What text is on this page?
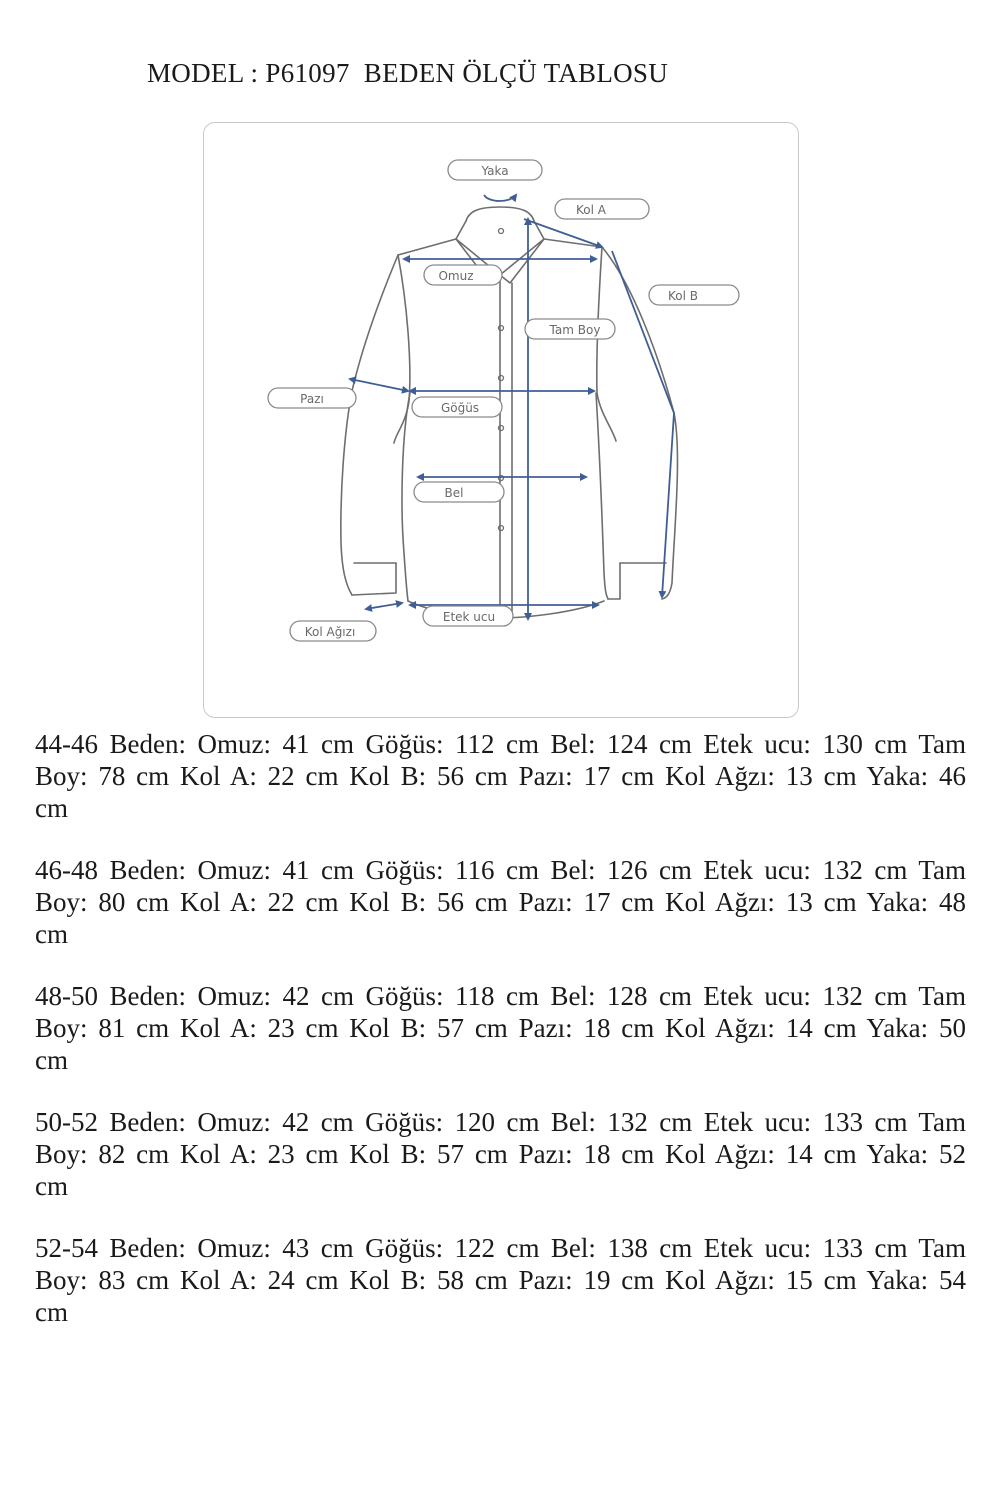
MODEL : P61097  BEDEN ÖLÇÜ TABLOSU
Yaka
Kol A
Kol B
Omuz
Tam Boy
Pazı
Göğüs
Bel
Kol Ağızı
Etek ucu

44-46 Beden: Omuz: 41 cm Göğüs: 112 cm Bel: 124 cm Etek ucu: 130 cm Tam Boy: 78 cm Kol A: 22 cm Kol B: 56 cm Pazı: 17 cm Kol Ağzı: 13 cm Yaka: 46 cm

46-48 Beden: Omuz: 41 cm Göğüs: 116 cm Bel: 126 cm Etek ucu: 132 cm Tam Boy: 80 cm Kol A: 22 cm Kol B: 56 cm Pazı: 17 cm Kol Ağzı: 13 cm Yaka: 48 cm

48-50 Beden: Omuz: 42 cm Göğüs: 118 cm Bel: 128 cm Etek ucu: 132 cm Tam Boy: 81 cm Kol A: 23 cm Kol B: 57 cm Pazı: 18 cm Kol Ağzı: 14 cm Yaka: 50 cm

50-52 Beden: Omuz: 42 cm Göğüs: 120 cm Bel: 132 cm Etek ucu: 133 cm Tam Boy: 82 cm Kol A: 23 cm Kol B: 57 cm Pazı: 18 cm Kol Ağzı: 14 cm Yaka: 52 cm

52-54 Beden: Omuz: 43 cm Göğüs: 122 cm Bel: 138 cm Etek ucu: 133 cm Tam Boy: 83 cm Kol A: 24 cm Kol B: 58 cm Pazı: 19 cm Kol Ağzı: 15 cm Yaka: 54 cm
